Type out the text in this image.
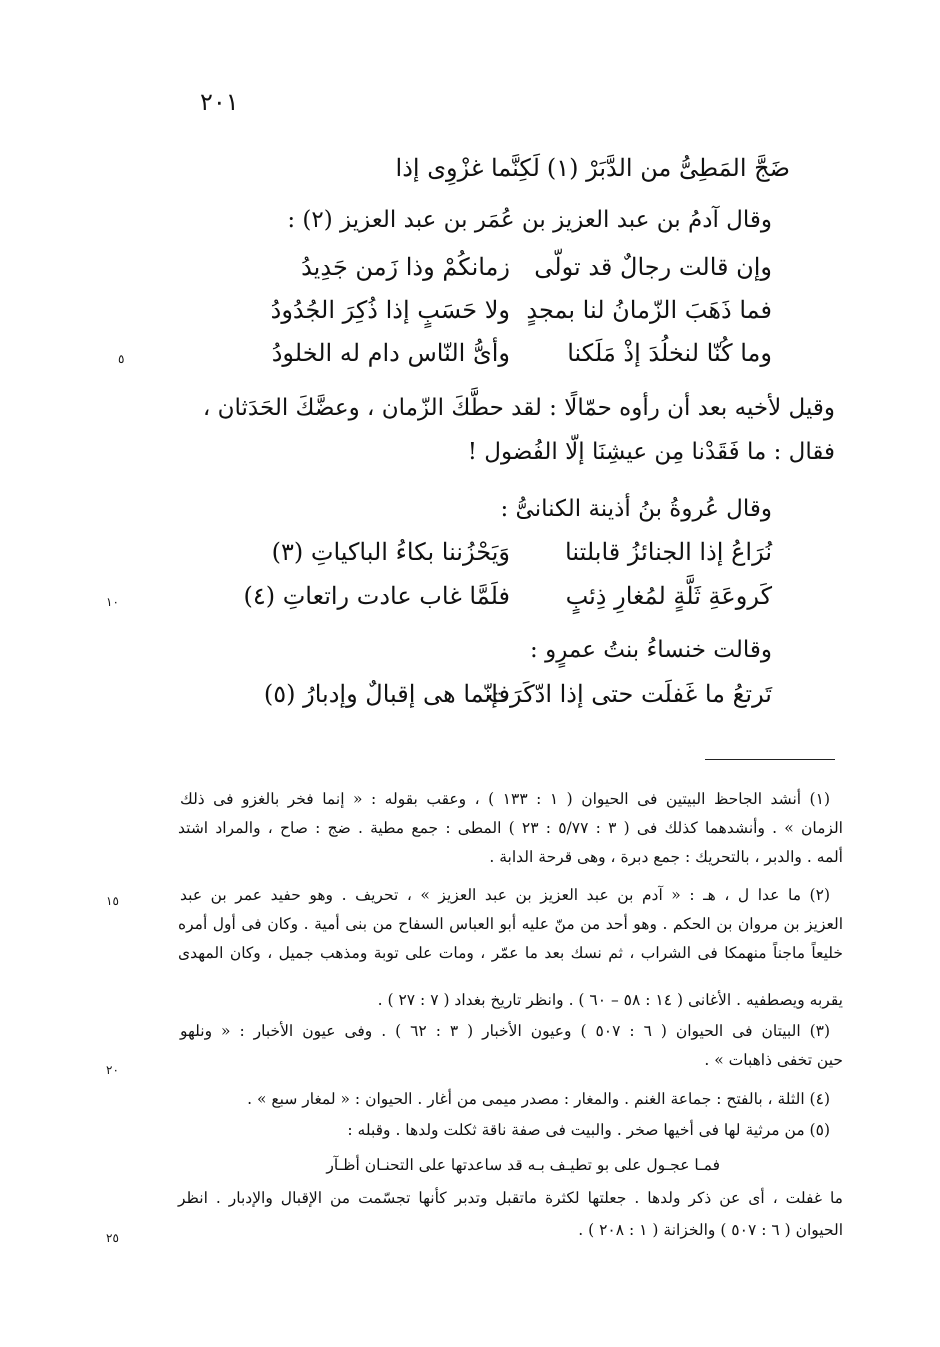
٢٠١
٥
١٠
١٥
٢٠
٢٥
لَكِنَّما غزْوِى إذا ضَجَّ المَطِىُّ من الدَّبَرْ (١)
وقال آدمُ بن عبد العزيز بن عُمَر بن عبد العزيز (٢) :
وإن قالت رجالٌ قد تولّى
زمانكُمْ وذا زَمن جَدِيدُ
فما ذَهَبَ الزّمانُ لنا بمجدٍ
ولا حَسَبٍ إذا ذُكِرَ الجُدُودُ
وما كُنّا لنخلُدَ إذْ مَلَكنا
وأىُّ النّاس دام له الخلودُ
وقيل لأخيه بعد أن رأوه حمّالًا : لقد حطَّكَ الزّمان ، وعضَّكَ الحَدَثان ،
فقال : ما فَقَدْنا مِن عيشِنَا إلّا الفُضول !
وقال عُروةُ بنُ أذينة الكنانىُّ :
نُرَاعُ إذا الجنائزُ قابلتنا
وَيَحْزُننا بكاءُ الباكياتِ (٣)
كَروعَةِ ثَلَّةٍ لمُغارِ ذِئبٍ
فلَمَّا غاب عادت راتعاتِ (٤)
وقالت خنساءُ بنتُ عمرٍو :
تَرتعُ ما غَفلَت حتى إذا ادّكَرَت
فإنّما هى إقبالٌ وإدبارُ (٥)
(١) أنشد الجاحظ البيتين فى الحيوان ( ١ : ١٣٣ ) ، وعقب بقوله : « إنما فخر بالغزو فى ذلك
الزمان » . وأنشدهما كذلك فى ( ٣ : ٥/٧٧ : ٢٣ ) المطى : جمع مطية . ضج : صاح ، والمراد اشتد
ألمه . والدبر ، بالتحريك : جمع دبرة ، وهى قرحة الدابة .
(٢) ما عدا ل ، هـ : « آدم بن عبد العزيز بن عبد العزيز » ، تحريف . وهو حفيد عمر بن عبد
العزيز بن مروان بن الحكم . وهو أحد من منّ عليه أبو العباس السفاح من بنى أمية . وكان فى أول أمره
خليعاً ماجناً منهمكا فى الشراب ، ثم نسك بعد ما عمّر ، ومات على توبة ومذهب جميل ، وكان المهدى
يقربه ويصطفيه . الأغانى ( ١٤ : ٥٨ – ٦٠ ) . وانظر تاريخ بغداد ( ٧ : ٢٧ ) .
(٣) البيتان فى الحيوان ( ٦ : ٥٠٧ ) وعيون الأخبار ( ٣ : ٦٢ ) . وفى عيون الأخبار : « ونلهو
حين تخفى ذاهبات » .
(٤) الثلة ، بالفتح : جماعة الغنم . والمغار : مصدر ميمى من أغار . الحيوان : « لمغار سبع » .
(٥) من مرثية لها فى أخيها صخر . والبيت فى صفة ناقة ثكلت ولدها . وقبله :
فمـا عجـول على بو تطيـف بـه قد ساعدتها على التحنـان أظـآر
ما غفلت ، أى عن ذكر ولدها . جعلتها لكثرة ماتقبل وتدبر كأنها تجسّمت من الإقبال والإدبار . انظر
الحيوان ( ٦ : ٥٠٧ ) والخزانة ( ١ : ٢٠٨ ) .
